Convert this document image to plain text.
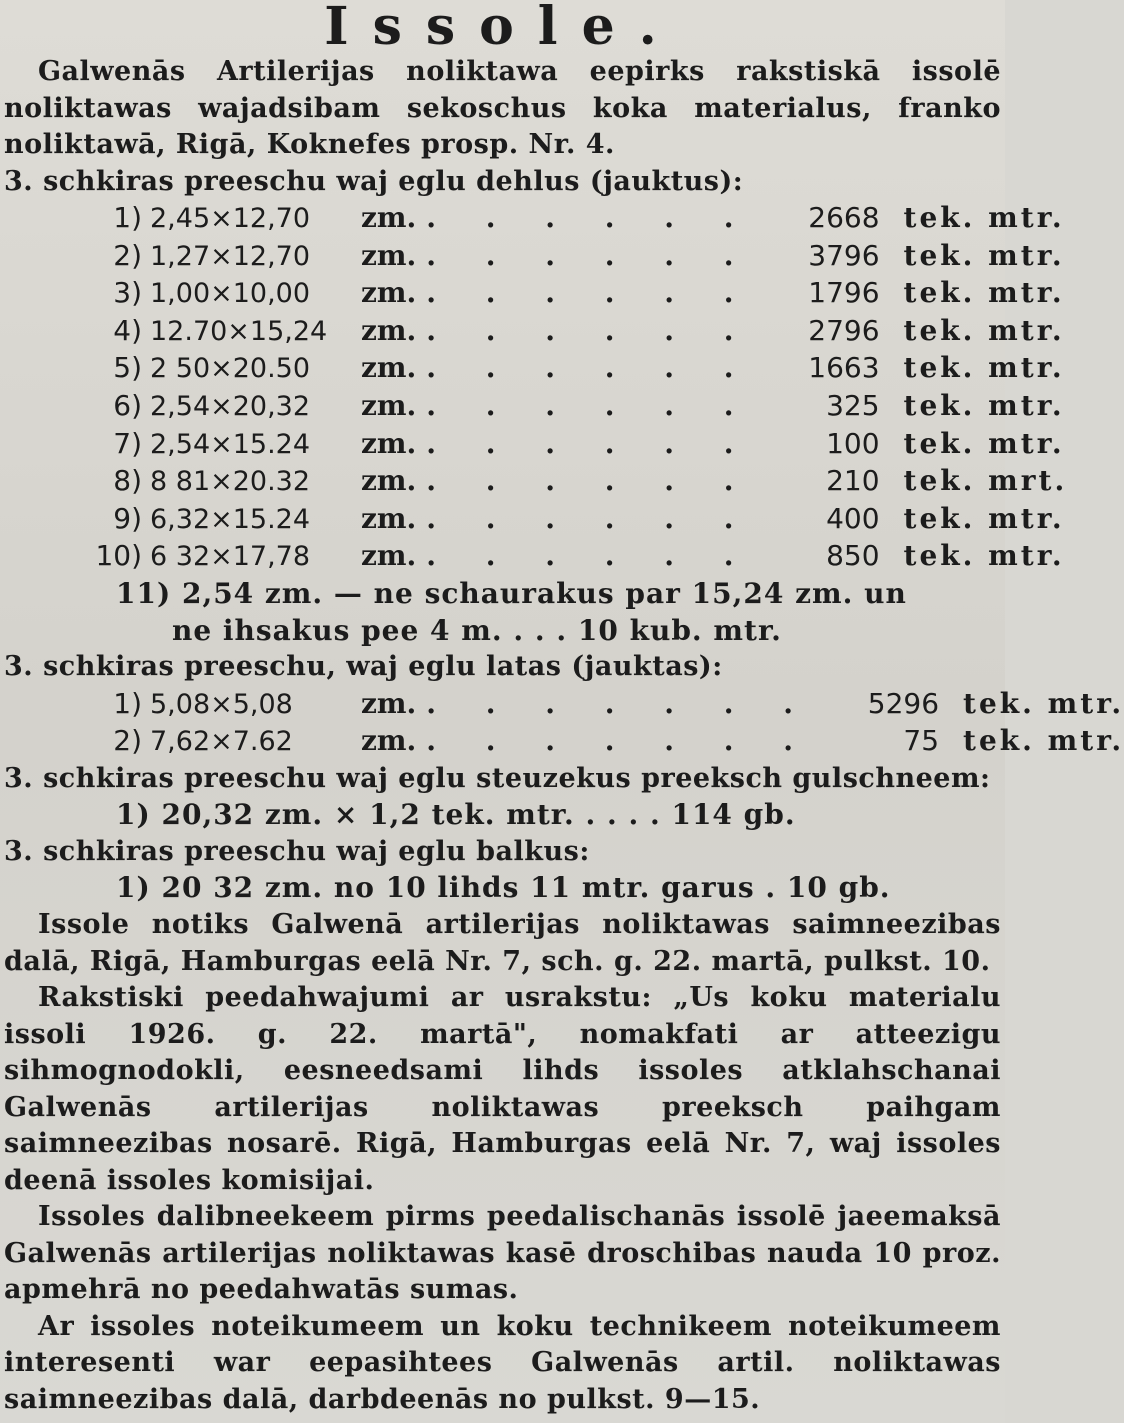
Issole.

Galwenās Artilerijas noliktawa eepirks rakstiskā issolē noliktawas wajadsibam sekoschus koka materialus, franko noliktawā, Rigā, Koknefes prosp. Nr. 4.

3. schkiras preeschu waj eglu dehlus (jauktus):
1) 2,45×12,70	zm. . . . . . .	2668 tek. mtr.
2) 1,27×12,70	zm. . . . . . .	3796 tek. mtr.
3) 1,00×10,00	zm. . . . . . .	1796 tek. mtr.
4) 12.70×15,24	zm. . . . . . .	2796 tek. mtr.
5) 2 50×20.50	zm. . . . . . .	1663 tek. mtr.
6) 2,54×20,32	zm. . . . . . .	325 tek. mtr.
7) 2,54×15.24	zm. . . . . . .	100 tek. mtr.
8) 8 81×20.32	zm. . . . . . .	210 tek. mrt.
9) 6,32×15.24	zm. . . . . . .	400 tek. mtr.
10) 6 32×17,78	zm. . . . . . .	850 tek. mtr.
11) 2,54 zm. — ne schaurakus par 15,24 zm. un
ne ihsakus pee 4 m. . . . 10 kub. mtr.
3. schkiras preeschu, waj eglu latas (jauktas):
1) 5,08×5,08	zm. . . . . . . .	5296 tek. mtr.
2) 7,62×7.62	zm. . . . . . . .	75 tek. mtr.
3. schkiras preeschu waj eglu steuzekus preeksch gulschneem:
1) 20,32 zm. × 1,2 tek. mtr. . . . . 114 gb.
3. schkiras preeschu waj eglu balkus:
1) 20 32 zm. no 10 lihds 11 mtr. garus . 10 gb.

Issole notiks Galwenā artilerijas noliktawas saimneezibas dalā, Rigā, Hamburgas eelā Nr. 7, sch. g. 22. martā, pulkst. 10.

Rakstiski peedahwajumi ar usrakstu: „Us koku materialu issoli 1926. g. 22. martā", nomakfati ar atteezigu sihmognodokli, eesneedsami lihds issoles atklahschanai Galwenās artilerijas noliktawas preeksch paihgam saimneezibas nosarē. Rigā, Hamburgas eelā Nr. 7, waj issoles deenā issoles komisijai.

Issoles dalibneekeem pirms peedalischanās issolē jaeemaksā Galwenās artilerijas noliktawas kasē droschibas nauda 10 proz. apmehrā no peedahwatās sumas.

Ar issoles noteikumeem un koku technikeem noteikumeem interesenti war eepasihtees Galwenās artil. noliktawas saimneezibas dalā, darbdeenās no pulkst. 9—15.
